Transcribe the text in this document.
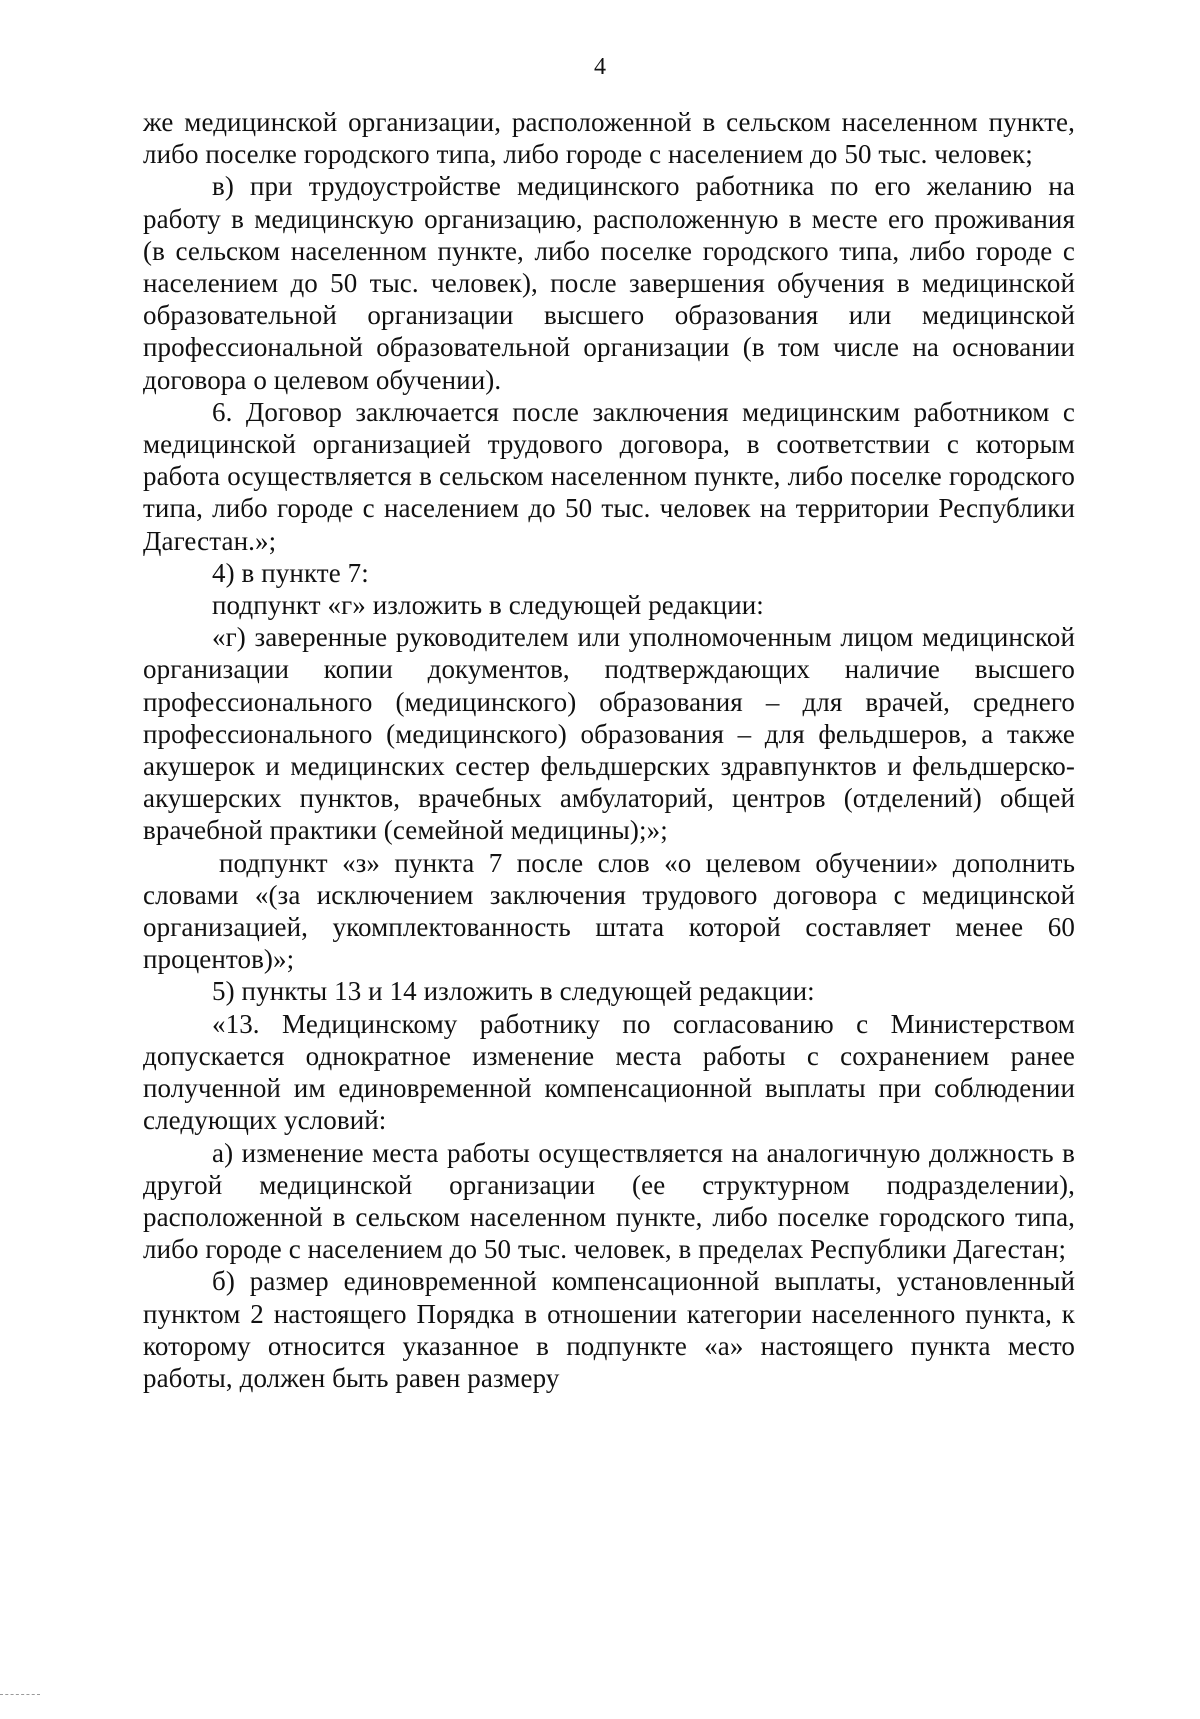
4

же медицинской организации, расположенной в сельском населенном пункте, либо поселке городского типа, либо городе с населением до 50 тыс. человек;

в) при трудоустройстве медицинского работника по его желанию на работу в медицинскую организацию, расположенную в месте его проживания (в сельском населенном пункте, либо поселке городского типа, либо городе с населением до 50 тыс. человек), после завершения обучения в медицинской образовательной организации высшего образования или медицинской профессиональной образовательной организации (в том числе на основании договора о целевом обучении).

6. Договор заключается после заключения медицинским работником с медицинской организацией трудового договора, в соответствии с которым работа осуществляется в сельском населенном пункте, либо поселке городского типа, либо городе с населением до 50 тыс. человек на территории Республики Дагестан.»;

4) в пункте 7:

подпункт «г» изложить в следующей редакции:

«г) заверенные руководителем или уполномоченным лицом медицинской организации копии документов, подтверждающих наличие высшего профессионального (медицинского) образования – для врачей, среднего профессионального (медицинского) образования – для фельдшеров, а также акушерок и медицинских сестер фельдшерских здравпунктов и фельдшерско-акушерских пунктов, врачебных амбулаторий, центров (отделений) общей врачебной практики (семейной медицины);»;

подпункт «з» пункта 7 после слов «о целевом обучении» дополнить словами «(за исключением заключения трудового договора с медицинской организацией, укомплектованность штата которой составляет менее 60 процентов)»;

5) пункты 13 и 14 изложить в следующей редакции:

«13. Медицинскому работнику по согласованию с Министерством допускается однократное изменение места работы с сохранением ранее полученной им единовременной компенсационной выплаты при соблюдении следующих условий:

а) изменение места работы осуществляется на аналогичную должность в другой медицинской организации (ее структурном подразделении), расположенной в сельском населенном пункте, либо поселке городского типа, либо городе с населением до 50 тыс. человек, в пределах Республики Дагестан;

б) размер единовременной компенсационной выплаты, установленный пунктом 2 настоящего Порядка в отношении категории населенного пункта, к которому относится указанное в подпункте «а» настоящего пункта место работы, должен быть равен размеру
